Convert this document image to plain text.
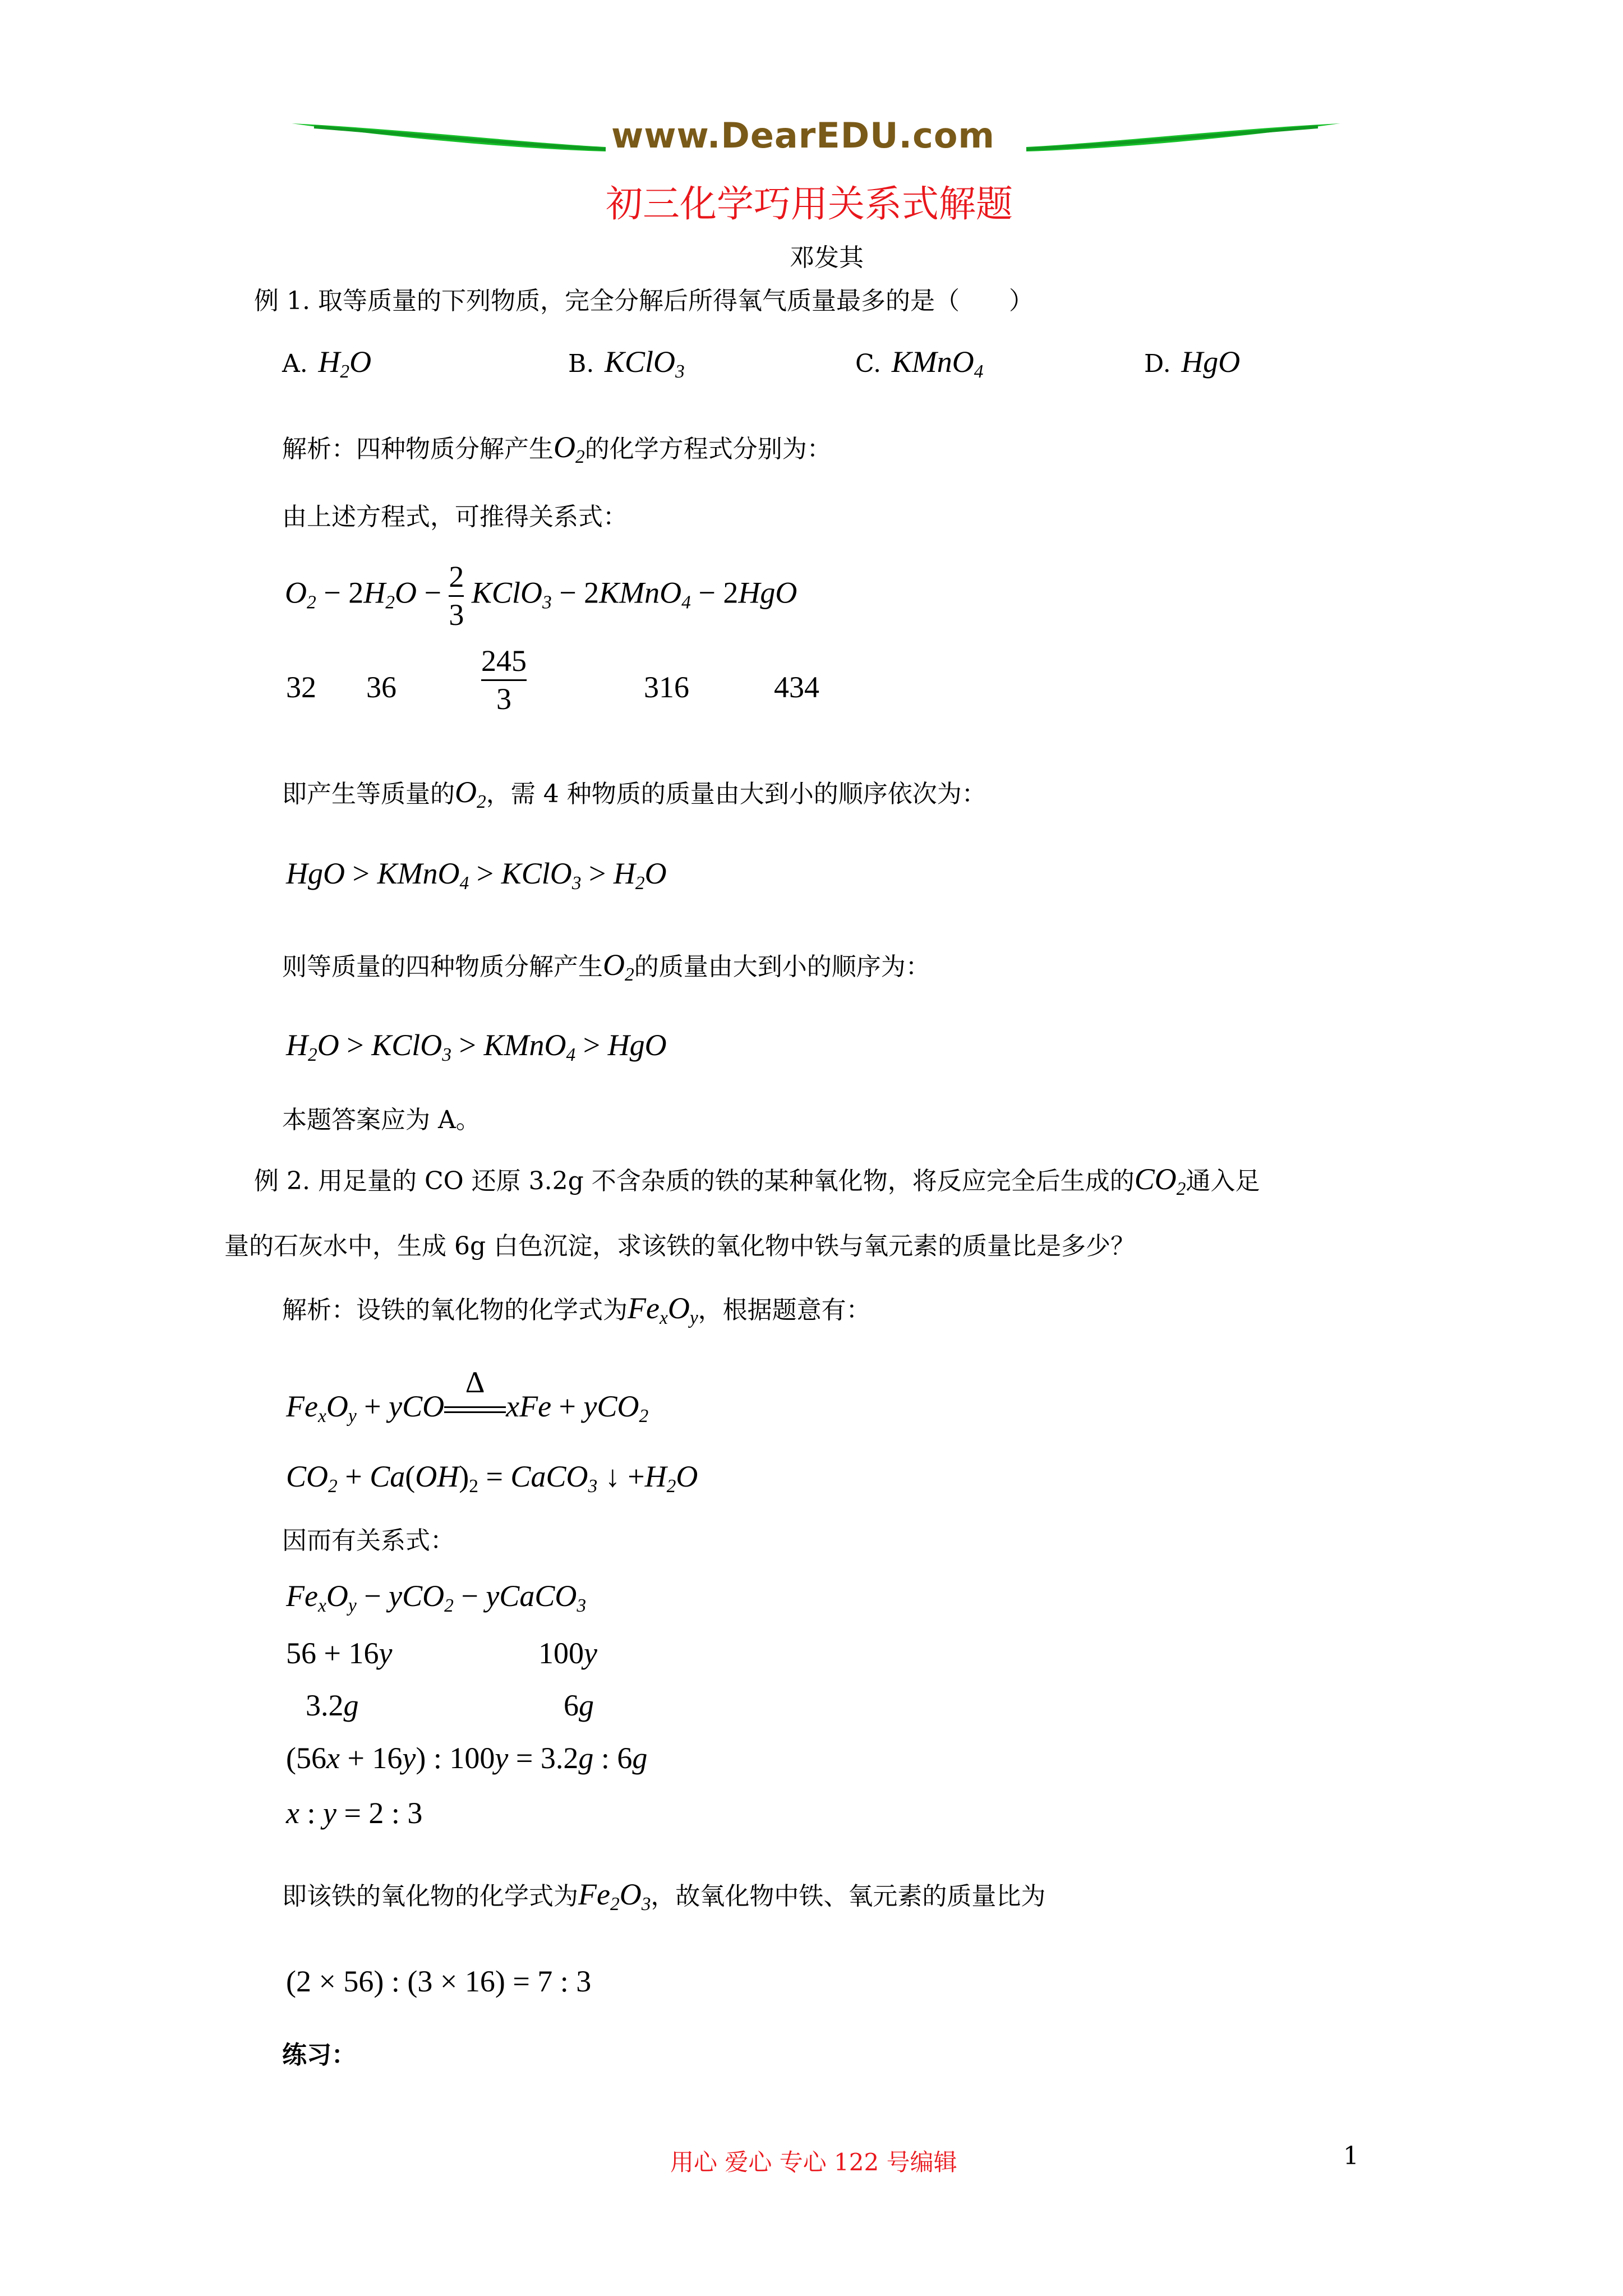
www.DearEDU.com
初三化学巧用关系式解题
邓发其
例 1. 取等质量的下列物质，完全分解后所得氧气质量最多的是（　　）
A.  $H_2O$	B.  KClO$_3$	C.  KMnO$_4$	D.  HgO
解析：四种物质分解产生$O_2$的化学方程式分别为：
由上述方程式，可推得关系式：
$O_2 - 2H_2O - \frac{2}{3}$ KClO$_3$ − 2KMnO$_4$ − 2HgO
32 36	$\frac{245}{3}$	316	434
即产生等质量的$O_2$，需 4 种物质的质量由大到小的顺序依次为：
HgO > KMnO$_4$ > KClO$_3$ > $H_2O$
则等质量的四种物质分解产生$O_2$的质量由大到小的顺序为：
$H_2O$ > KClO$_3$ > KMnO$_4$ > HgO
本题答案应为 A。
例 2. 用足量的 CO 还原 3.2g 不含杂质的铁的某种氧化物，将反应完全后生成的$CO_2$通入足
量的石灰水中，生成 6g 白色沉淀，求该铁的氧化物中铁与氧元素的质量比是多少？
解析：设铁的氧化物的化学式为$Fe_xO_y$，根据题意有：
$Fe_xO_y$ + yCO
Δ
xFe + yCO$_2$
$CO_2 + Ca(OH)_2$ = CaCO$_3$ ↓ $+H_2O$
因而有关系式：
$Fe_xO_y - yCO_2$ − yCaCO$_3$
56 + 16y	100y
3.2g	6g
(56x + 16y) : 100y = 3.2g : 6g
x : y = 2 : 3
即该铁的氧化物的化学式为$Fe_2O_3$，故氧化物中铁、氧元素的质量比为
(2 × 56) : (3 × 16) = 7 : 3
练习：
用心 爱心 专心 122 号编辑	1
